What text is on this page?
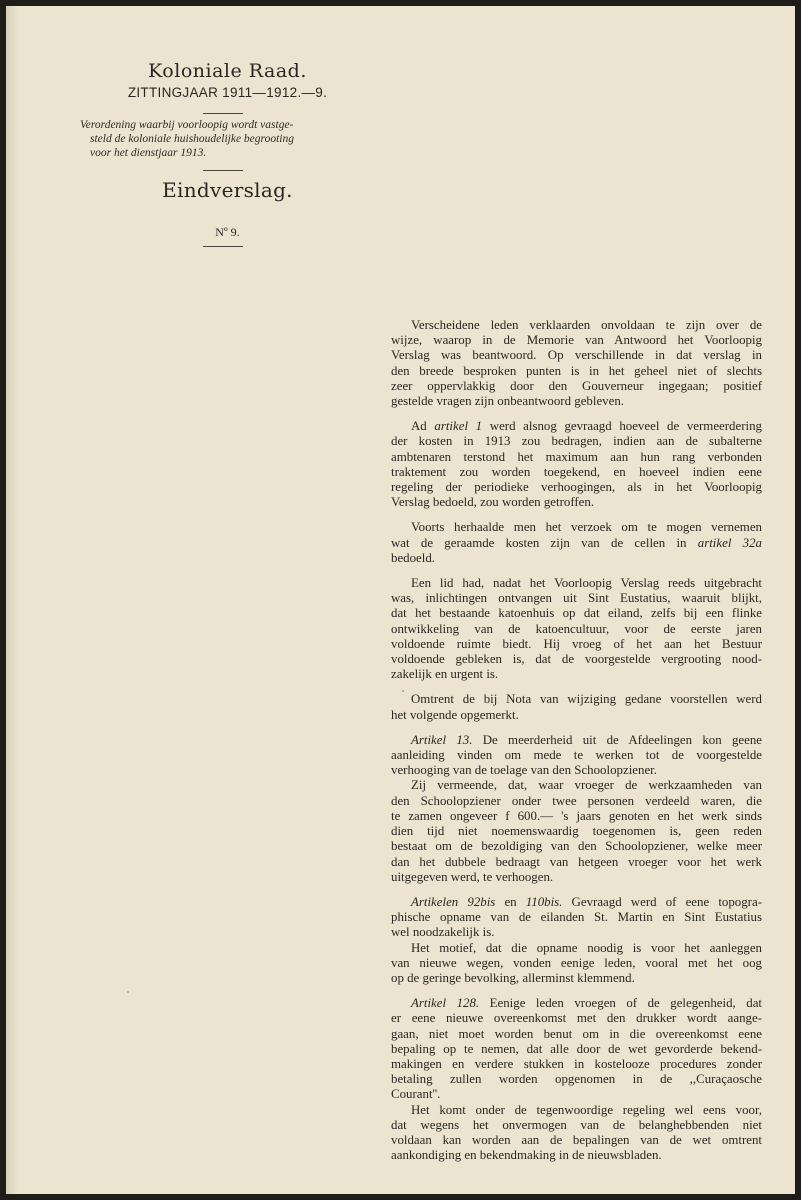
Koloniale Raad.
ZITTINGJAAR 1911—1912.—9.
Verordening waarbij voorloopig wordt vastge-
steld de koloniale huishoudelijke begrooting
voor het dienstjaar 1913.
Eindverslag.
Nº 9.
Verscheidene leden verklaarden onvoldaan te zijn over de
wijze, waarop in de Memorie van Antwoord het Voorloopig
Verslag was beantwoord. Op verschillende in dat verslag in
den breede besproken punten is in het geheel niet of slechts
zeer oppervlakkig door den Gouverneur ingegaan; positief
gestelde vragen zijn onbeantwoord gebleven.
Ad artikel 1 werd alsnog gevraagd hoeveel de vermeerdering
der kosten in 1913 zou bedragen, indien aan de subalterne
ambtenaren terstond het maximum aan hun rang verbonden
traktement zou worden toegekend, en hoeveel indien eene
regeling der periodieke verhoogingen, als in het Voorloopig
Verslag bedoeld, zou worden getroffen.
Voorts herhaalde men het verzoek om te mogen vernemen
wat de geraamde kosten zijn van de cellen in artikel 32a
bedoeld.
Een lid had, nadat het Voorloopig Verslag reeds uitgebracht
was, inlichtingen ontvangen uit Sint Eustatius, waaruit blijkt,
dat het bestaande katoenhuis op dat eiland, zelfs bij een flinke
ontwikkeling van de katoencultuur, voor de eerste jaren
voldoende ruimte biedt. Hij vroeg of het aan het Bestuur
voldoende gebleken is, dat de voorgestelde vergrooting nood-
zakelijk en urgent is.
Omtrent de bij Nota van wijziging gedane voorstellen werd
het volgende opgemerkt.
Artikel 13. De meerderheid uit de Afdeelingen kon geene
aanleiding vinden om mede te werken tot de voorgestelde
verhooging van de toelage van den Schoolopziener.
Zij vermeende, dat, waar vroeger de werkzaamheden van
den Schoolopziener onder twee personen verdeeld waren, die
te zamen ongeveer f 600.— 's jaars genoten en het werk sinds
dien tijd niet noemenswaardig toegenomen is, geen reden
bestaat om de bezoldiging van den Schoolopziener, welke meer
dan het dubbele bedraagt van hetgeen vroeger voor het werk
uitgegeven werd, te verhoogen.
Artikelen 92bis en 110bis. Gevraagd werd of eene topogra-
phische opname van de eilanden St. Martin en Sint Eustatius
wel noodzakelijk is.
Het motief, dat die opname noodig is voor het aanleggen
van nieuwe wegen, vonden eenige leden, vooral met het oog
op de geringe bevolking, allerminst klemmend.
Artikel 128. Eenige leden vroegen of de gelegenheid, dat
er eene nieuwe overeenkomst met den drukker wordt aange-
gaan, niet moet worden benut om in die overeenkomst eene
bepaling op te nemen, dat alle door de wet gevorderde bekend-
makingen en verdere stukken in kostelooze procedures zonder
betaling zullen worden opgenomen in de ,,Curaçaosche
Courant''.
Het komt onder de tegenwoordige regeling wel eens voor,
dat wegens het onvermogen van de belanghebbenden niet
voldaan kan worden aan de bepalingen van de wet omtrent
aankondiging en bekendmaking in de nieuwsbladen.
